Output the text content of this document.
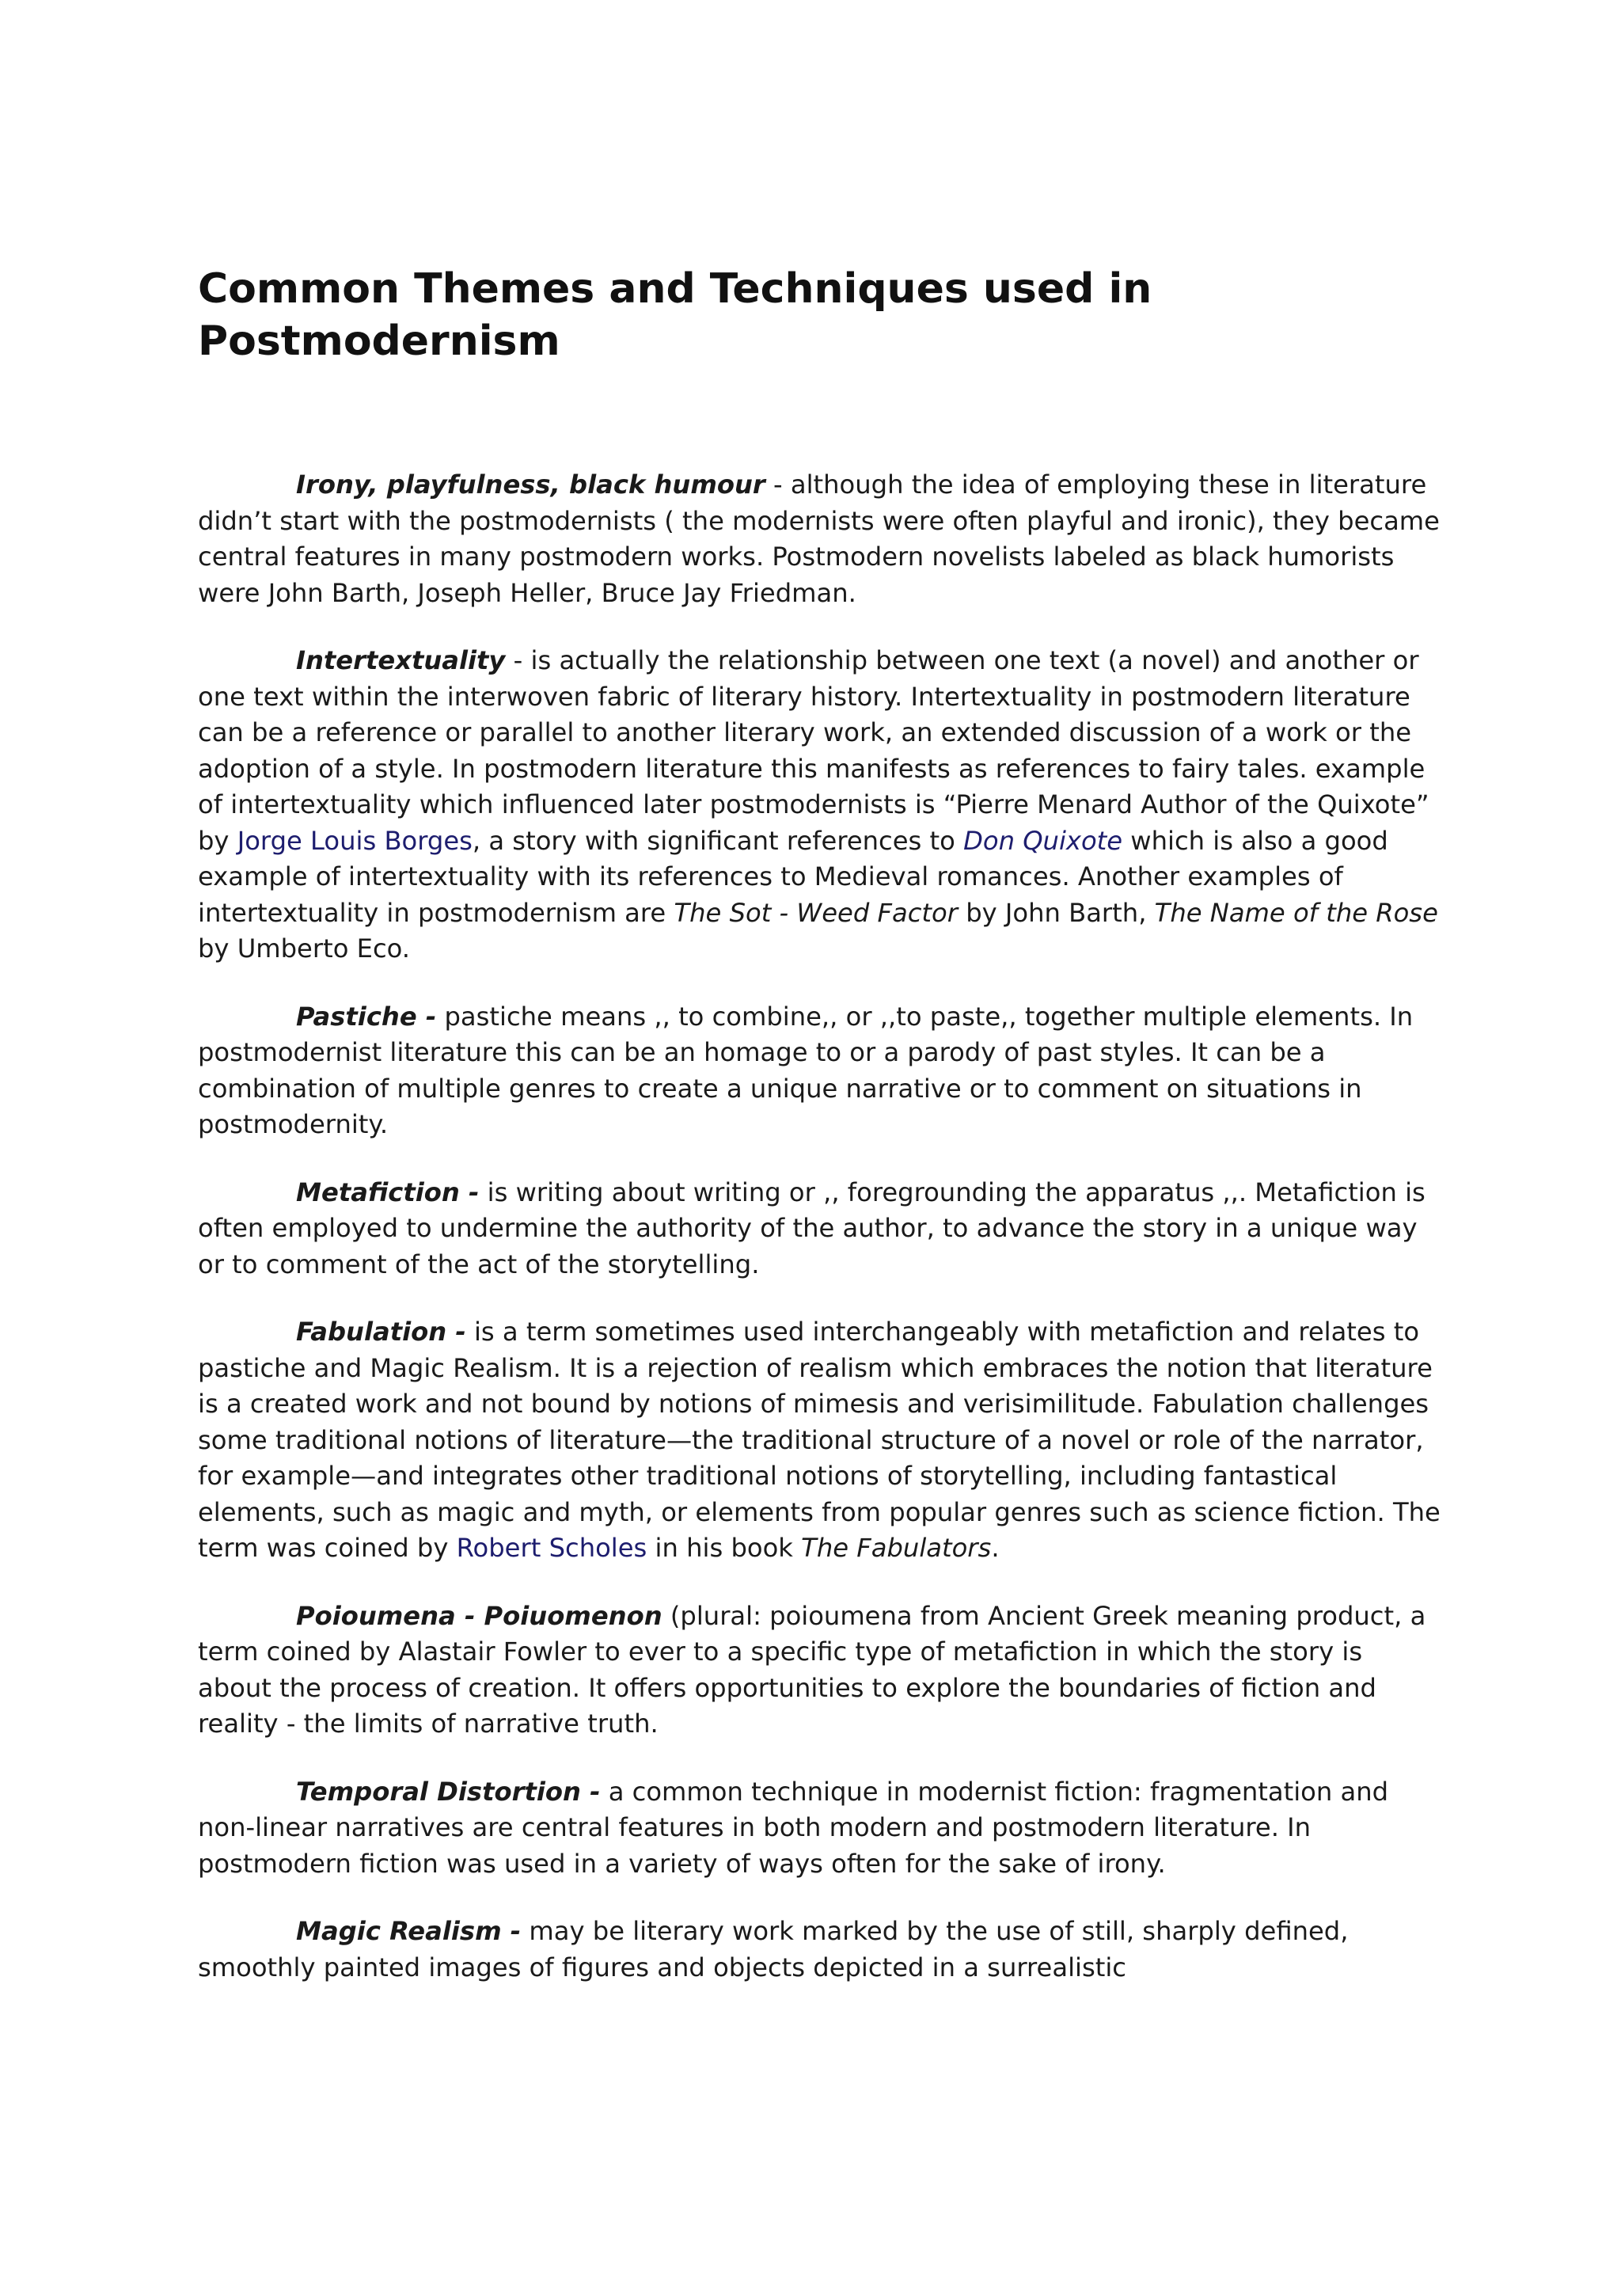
Common Themes and Techniques used in Postmodernism

Irony, playfulness, black humour - although the idea of employing these in literature didn’t start with the postmodernists ( the modernists were often playful and ironic), they became central features in many postmodern works. Postmodern novelists labeled as black humorists were John Barth, Joseph Heller, Bruce Jay Friedman.

Intertextuality - is actually the relationship between one text (a novel) and another or one text within the interwoven fabric of literary history. Intertextuality in postmodern literature can be a reference or parallel to another literary work, an extended discussion of a work or the adoption of a style. In postmodern literature this manifests as references to fairy tales. example of intertextuality which influenced later postmodernists is “Pierre Menard Author of the Quixote” by Jorge Louis Borges, a story with significant references to Don Quixote which is also a good example of intertextuality with its references to Medieval romances. Another examples of intertextuality in postmodernism are The Sot - Weed Factor by John Barth, The Name of the Rose by Umberto Eco.

Pastiche - pastiche means ,, to combine,, or ,,to paste,, together multiple elements. In postmodernist literature this can be an homage to or a parody of past styles. It can be a combination of multiple genres to create a unique narrative or to comment on situations in postmodernity.

Metafiction - is writing about writing or ,, foregrounding the apparatus ,,. Metafiction is often employed to undermine the authority of the author, to advance the story in a unique way or to comment of the act of the storytelling.

Fabulation - is a term sometimes used interchangeably with metafiction and relates to pastiche and Magic Realism. It is a rejection of realism which embraces the notion that literature is a created work and not bound by notions of mimesis and verisimilitude. Fabulation challenges some traditional notions of literature—the traditional structure of a novel or role of the narrator, for example—and integrates other traditional notions of storytelling, including fantastical elements, such as magic and myth, or elements from popular genres such as science fiction. The term was coined by Robert Scholes in his book The Fabulators.

Poioumena - Poiuomenon (plural: poioumena from Ancient Greek meaning product, a term coined by Alastair Fowler to ever to a specific type of metafiction in which the story is about the process of creation. It offers opportunities to explore the boundaries of fiction and reality - the limits of narrative truth.

Temporal Distortion - a common technique in modernist fiction: fragmentation and non-linear narratives are central features in both modern and postmodern literature. In postmodern fiction was used in a variety of ways often for the sake of irony.

Magic Realism - may be literary work marked by the use of still, sharply defined, smoothly painted images of figures and objects depicted in a surrealistic
